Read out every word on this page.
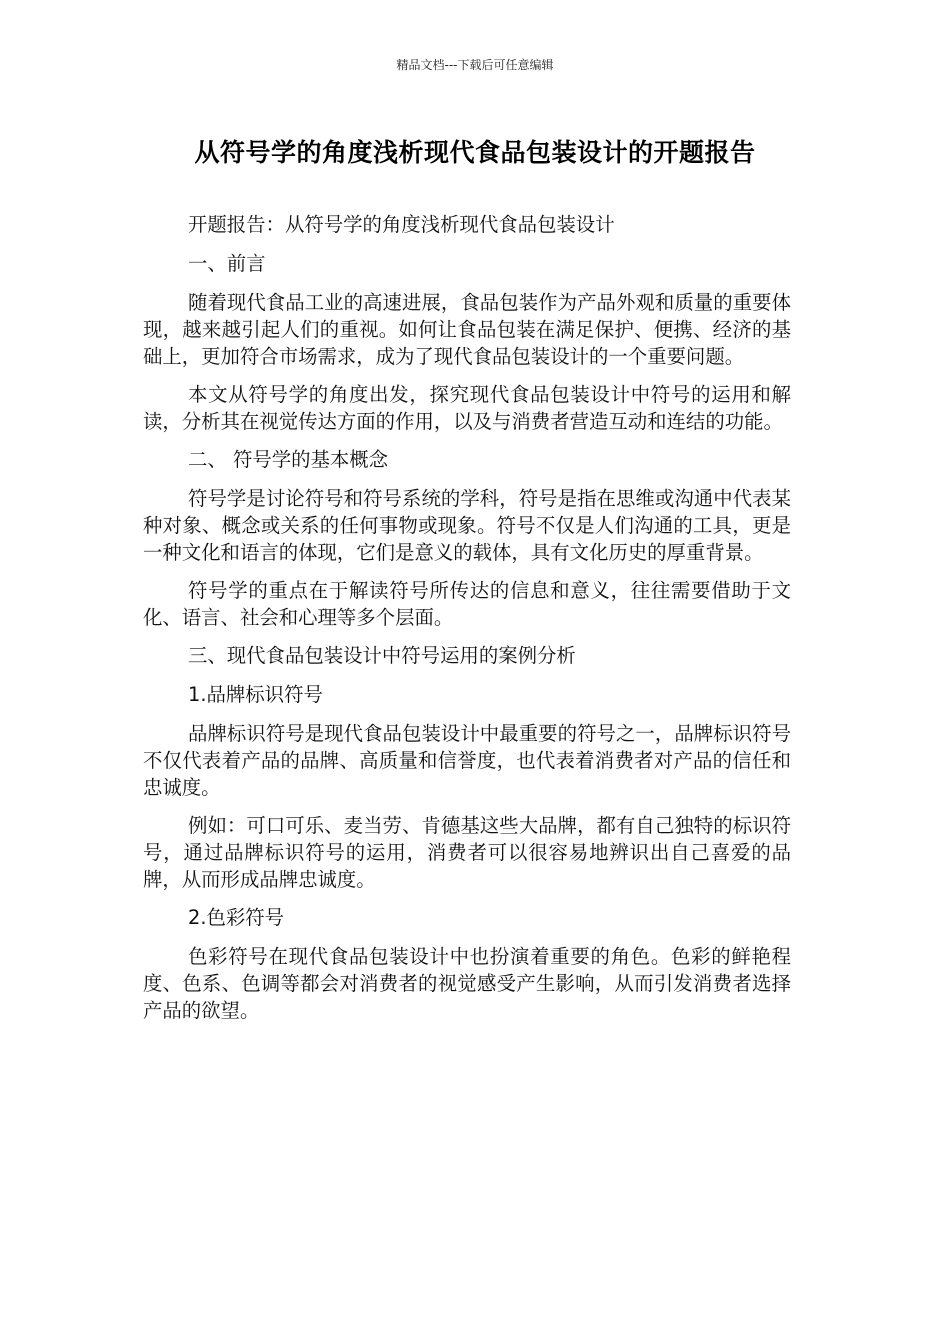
精品文档---下载后可任意编辑
从符号学的角度浅析现代食品包装设计的开题报告

开题报告：从符号学的角度浅析现代食品包装设计

一、前言

随着现代食品工业的高速进展，食品包装作为产品外观和质量的重要体现，越来越引起人们的重视。如何让食品包装在满足保护、便携、经济的基础上，更加符合市场需求，成为了现代食品包装设计的一个重要问题。

本文从符号学的角度出发，探究现代食品包装设计中符号的运用和解读，分析其在视觉传达方面的作用，以及与消费者营造互动和连结的功能。

二、 符号学的基本概念

符号学是讨论符号和符号系统的学科，符号是指在思维或沟通中代表某种对象、概念或关系的任何事物或现象。符号不仅是人们沟通的工具，更是一种文化和语言的体现，它们是意义的载体，具有文化历史的厚重背景。

符号学的重点在于解读符号所传达的信息和意义，往往需要借助于文化、语言、社会和心理等多个层面。

三、现代食品包装设计中符号运用的案例分析

1.品牌标识符号

品牌标识符号是现代食品包装设计中最重要的符号之一，品牌标识符号不仅代表着产品的品牌、高质量和信誉度，也代表着消费者对产品的信任和忠诚度。

例如：可口可乐、麦当劳、肯德基这些大品牌，都有自己独特的标识符号，通过品牌标识符号的运用，消费者可以很容易地辨识出自己喜爱的品牌，从而形成品牌忠诚度。

2.色彩符号

色彩符号在现代食品包装设计中也扮演着重要的角色。色彩的鲜艳程度、色系、色调等都会对消费者的视觉感受产生影响，从而引发消费者选择产品的欲望。
